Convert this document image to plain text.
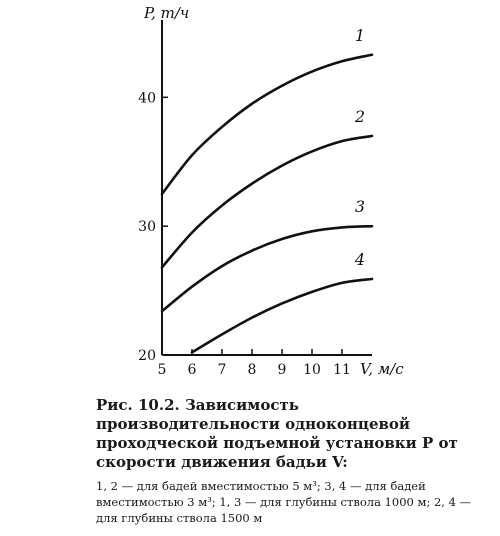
5 6 7 8 9 10 11
20
30
40
P, т/ч
V, м/с
1
2
3
4

Рис. 10.2. Зависимость производительности одноконцевой проходческой подъемной установки P от скорости движения бадьи V:

1, 2 — для бадей вместимостью 5 м³; 3, 4 — для бадей вместимостью 3 м³; 1, 3 — для глубины ствола 1000 м; 2, 4 — для глубины ствола 1500 м
